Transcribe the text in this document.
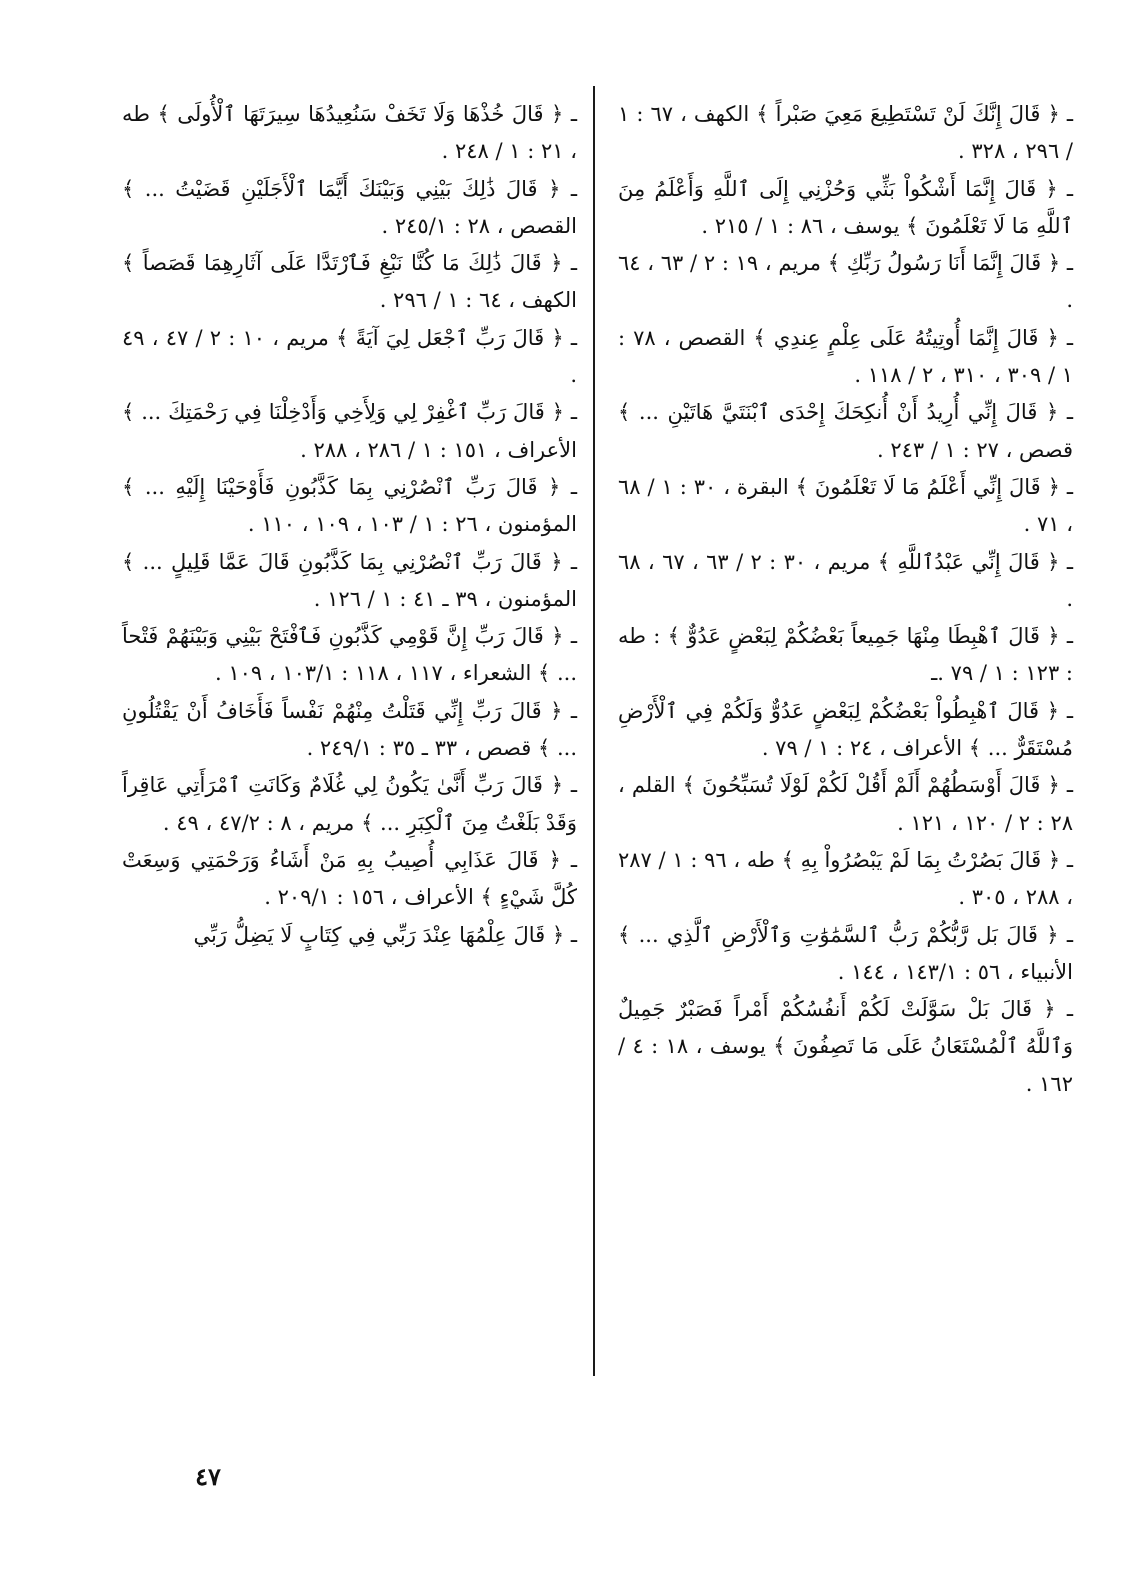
ـ ﴿ قَالَ إِنَّكَ لَنْ تَسْتَطِيعَ مَعِيَ صَبْراً ﴾ الكهف ، ٦٧ : ١ / ٢٩٦ ، ٣٢٨ .

ـ ﴿ قَالَ إِنَّمَا أَشْكُواْ بَثِّي وَحُزْنِي إِلَى ٱللَّهِ وَأَعْلَمُ مِنَ ٱللَّهِ مَا لَا تَعْلَمُونَ ﴾ يوسف ، ٨٦ : ١ / ٢١٥ .

ـ ﴿ قَالَ إِنَّمَا أَنَا رَسُولُ رَبِّكِ ﴾ مريم ، ١٩ : ٢ / ٦٣ ، ٦٤ .

ـ ﴿ قَالَ إِنَّمَا أُوتِيتُهُ عَلَى عِلْمٍ عِندِي ﴾ القصص ، ٧٨ : ١ / ٣٠٩ ، ٣١٠ ، ٢ / ١١٨ .

ـ ﴿ قَالَ إِنِّي أُرِيدُ أَنْ أُنكِحَكَ إِحْدَى ٱبْنَتَيَّ هَاتَيْنِ ... ﴾ قصص ، ٢٧ : ١ / ٢٤٣ .

ـ ﴿ قَالَ إِنِّي أَعْلَمُ مَا لَا تَعْلَمُونَ ﴾ البقرة ، ٣٠ : ١ / ٦٨ ، ٧١ .

ـ ﴿ قَالَ إِنِّي عَبْدُٱللَّهِ ﴾ مريم ، ٣٠ : ٢ / ٦٣ ، ٦٧ ، ٦٨ .

ـ ﴿ قَالَ ٱهْبِطَا مِنْهَا جَمِيعاً بَعْضُكُمْ لِبَعْضٍ عَدُوٌّ ﴾ : طه : ١٢٣ : ١ / ٧٩ .ـ

ـ ﴿ قَالَ ٱهْبِطُواْ بَعْضُكُمْ لِبَعْضٍ عَدُوٌّ وَلَكُمْ فِي ٱلْأَرْضِ مُسْتَقَرٌّ ... ﴾ الأعراف ، ٢٤ : ١ / ٧٩ .

ـ ﴿ قَالَ أَوْسَطُهُمْ أَلَمْ أَقُلْ لَكُمْ لَوْلَا تُسَبِّحُونَ ﴾ القلم ، ٢٨ : ٢ / ١٢٠ ، ١٢١ .

ـ ﴿ قَالَ بَصُرْتُ بِمَا لَمْ يَبْصُرُواْ بِهِ ﴾ طه ، ٩٦ : ١ / ٢٨٧ ، ٢٨٨ ، ٣٠٥ .

ـ ﴿ قَالَ بَل رَّبُّكُمْ رَبُّ ٱلسَّمَٰوَٰتِ وَٱلْأَرْضِ ٱلَّذِي ... ﴾ الأنبياء ، ٥٦ : ١٤٣/١ ، ١٤٤ .

ـ ﴿ قَالَ بَلْ سَوَّلَتْ لَكُمْ أَنفُسُكُمْ أَمْراً فَصَبْرٌ جَمِيلٌ وَٱللَّهُ ٱلْمُسْتَعَانُ عَلَى مَا تَصِفُونَ ﴾ يوسف ، ١٨ : ٤ / ١٦٢ .

ـ ﴿ قَالَ خُذْهَا وَلَا تَخَفْ سَنُعِيدُهَا سِيرَتَهَا ٱلْأُولَى ﴾ طه ، ٢١ : ١ / ٢٤٨ .

ـ ﴿ قَالَ ذَٰلِكَ بَيْنِي وَبَيْنَكَ أَيَّمَا ٱلْأَجَلَيْنِ قَضَيْتُ ... ﴾ القصص ، ٢٨ : ٢٤٥/١ .

ـ ﴿ قَالَ ذَٰلِكَ مَا كُنَّا نَبْغِ فَٱرْتَدَّا عَلَى آثَارِهِمَا قَصَصاً ﴾ الكهف ، ٦٤ : ١ / ٢٩٦ .

ـ ﴿ قَالَ رَبِّ ٱجْعَل لِيَ آيَةً ﴾ مريم ، ١٠ : ٢ / ٤٧ ، ٤٩ .

ـ ﴿ قَالَ رَبِّ ٱغْفِرْ لِي وَلِأَخِي وَأَدْخِلْنَا فِي رَحْمَتِكَ ... ﴾ الأعراف ، ١٥١ : ١ / ٢٨٦ ، ٢٨٨ .

ـ ﴿ قَالَ رَبِّ ٱنْصُرْنِي بِمَا كَذَّبُونِ فَأَوْحَيْنَا إِلَيْهِ ... ﴾ المؤمنون ، ٢٦ : ١ / ١٠٣ ، ١٠٩ ، ١١٠ .

ـ ﴿ قَالَ رَبِّ ٱنْصُرْنِي بِمَا كَذَّبُونِ قَالَ عَمَّا قَلِيلٍ ... ﴾ المؤمنون ، ٣٩ ـ ٤١ : ١ / ١٢٦ .

ـ ﴿ قَالَ رَبِّ إِنَّ قَوْمِي كَذَّبُونِ فَٱفْتَحْ بَيْنِي وَبَيْنَهُمْ فَتْحاً ... ﴾ الشعراء ، ١١٧ ، ١١٨ : ١٠٣/١ ، ١٠٩ .

ـ ﴿ قَالَ رَبِّ إِنِّي قَتَلْتُ مِنْهُمْ نَفْساً فَأَخَافُ أَنْ يَقْتُلُونِ ... ﴾ قصص ، ٣٣ ـ ٣٥ : ٢٤٩/١ .

ـ ﴿ قَالَ رَبِّ أَنَّىٰ يَكُونُ لِي غُلَامٌ وَكَانَتِ ٱمْرَأَتِي عَاقِراً وَقَدْ بَلَغْتُ مِنَ ٱلْكِبَرِ ... ﴾ مريم ، ٨ : ٤٧/٢ ، ٤٩ .

ـ ﴿ قَالَ عَذَابِي أُصِيبُ بِهِ مَنْ أَشَاءُ وَرَحْمَتِي وَسِعَتْ كُلَّ شَيْءٍ ﴾ الأعراف ، ١٥٦ : ٢٠٩/١ .

ـ ﴿ قَالَ عِلْمُهَا عِنْدَ رَبِّي فِي كِتَابٍ لَا يَضِلُّ رَبِّي

٤٧
